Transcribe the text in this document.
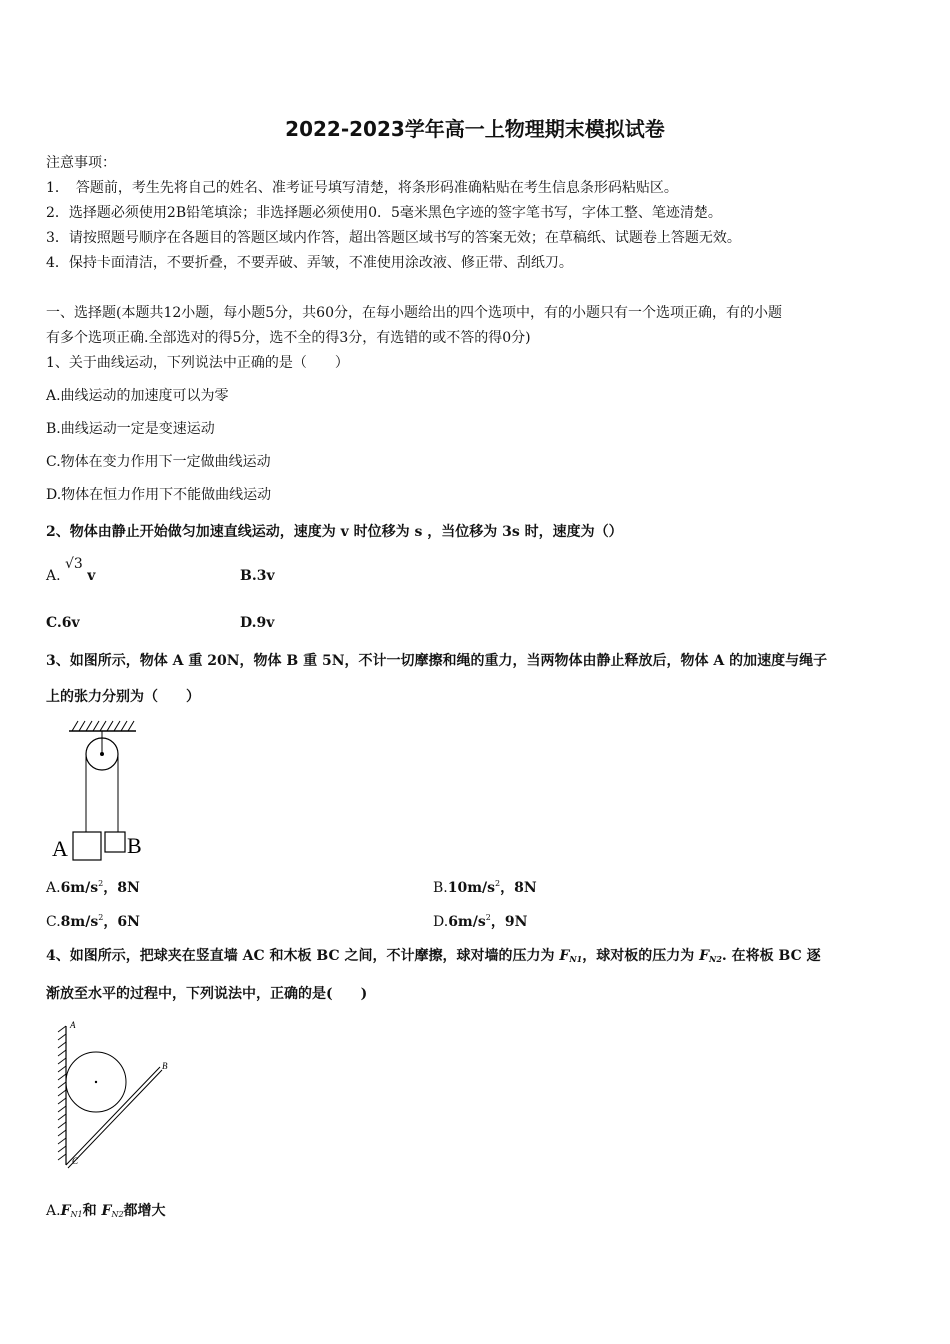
2022-2023学年高一上物理期末模拟试卷
注意事项：
1．　答题前，考生先将自己的姓名、准考证号填写清楚，将条形码准确粘贴在考生信息条形码粘贴区。
2．选择题必须使用2B铅笔填涂；非选择题必须使用0．5毫米黑色字迹的签字笔书写，字体工整、笔迹清楚。
3．请按照题号顺序在各题目的答题区域内作答，超出答题区域书写的答案无效；在草稿纸、试题卷上答题无效。
4．保持卡面清洁，不要折叠，不要弄破、弄皱，不准使用涂改液、修正带、刮纸刀。
一、选择题(本题共12小题，每小题5分，共60分，在每小题给出的四个选项中，有的小题只有一个选项正确，有的小题
有多个选项正确.全部选对的得5分，选不全的得3分，有选错的或不答的得0分)
1、关于曲线运动，下列说法中正确的是（　　）
A.曲线运动的加速度可以为零
B.曲线运动一定是变速运动
C.物体在变力作用下一定做曲线运动
D.物体在恒力作用下不能做曲线运动
2、物体由静止开始做匀加速直线运动，速度为 v 时位移为 s ，当位移为 3s 时，速度为（）
A. √3 v	B.3v
C.6v	D.9v
3、如图所示，物体 A 重 20N，物体 B 重 5N，不计一切摩擦和绳的重力，当两物体由静止释放后，物体 A 的加速度与绳子
上的张力分别为（　　）
A	B
$A.6m/s^2$，8N	$B.10m/s^2$，8N
$C.8m/s^2$，6N	$D.6m/s^2$，9N
4、如图所示，把球夹在竖直墙 AC 和木板 BC 之间，不计摩擦，球对墙的压力为 $F_{N1}$，球对板的压力为 $F_{N2}$. 在将板 BC 逐
渐放至水平的过程中，下列说法中，正确的是(　　)
A
B
C
$A.F_{N1}$和 $F_{N2}$都增大
